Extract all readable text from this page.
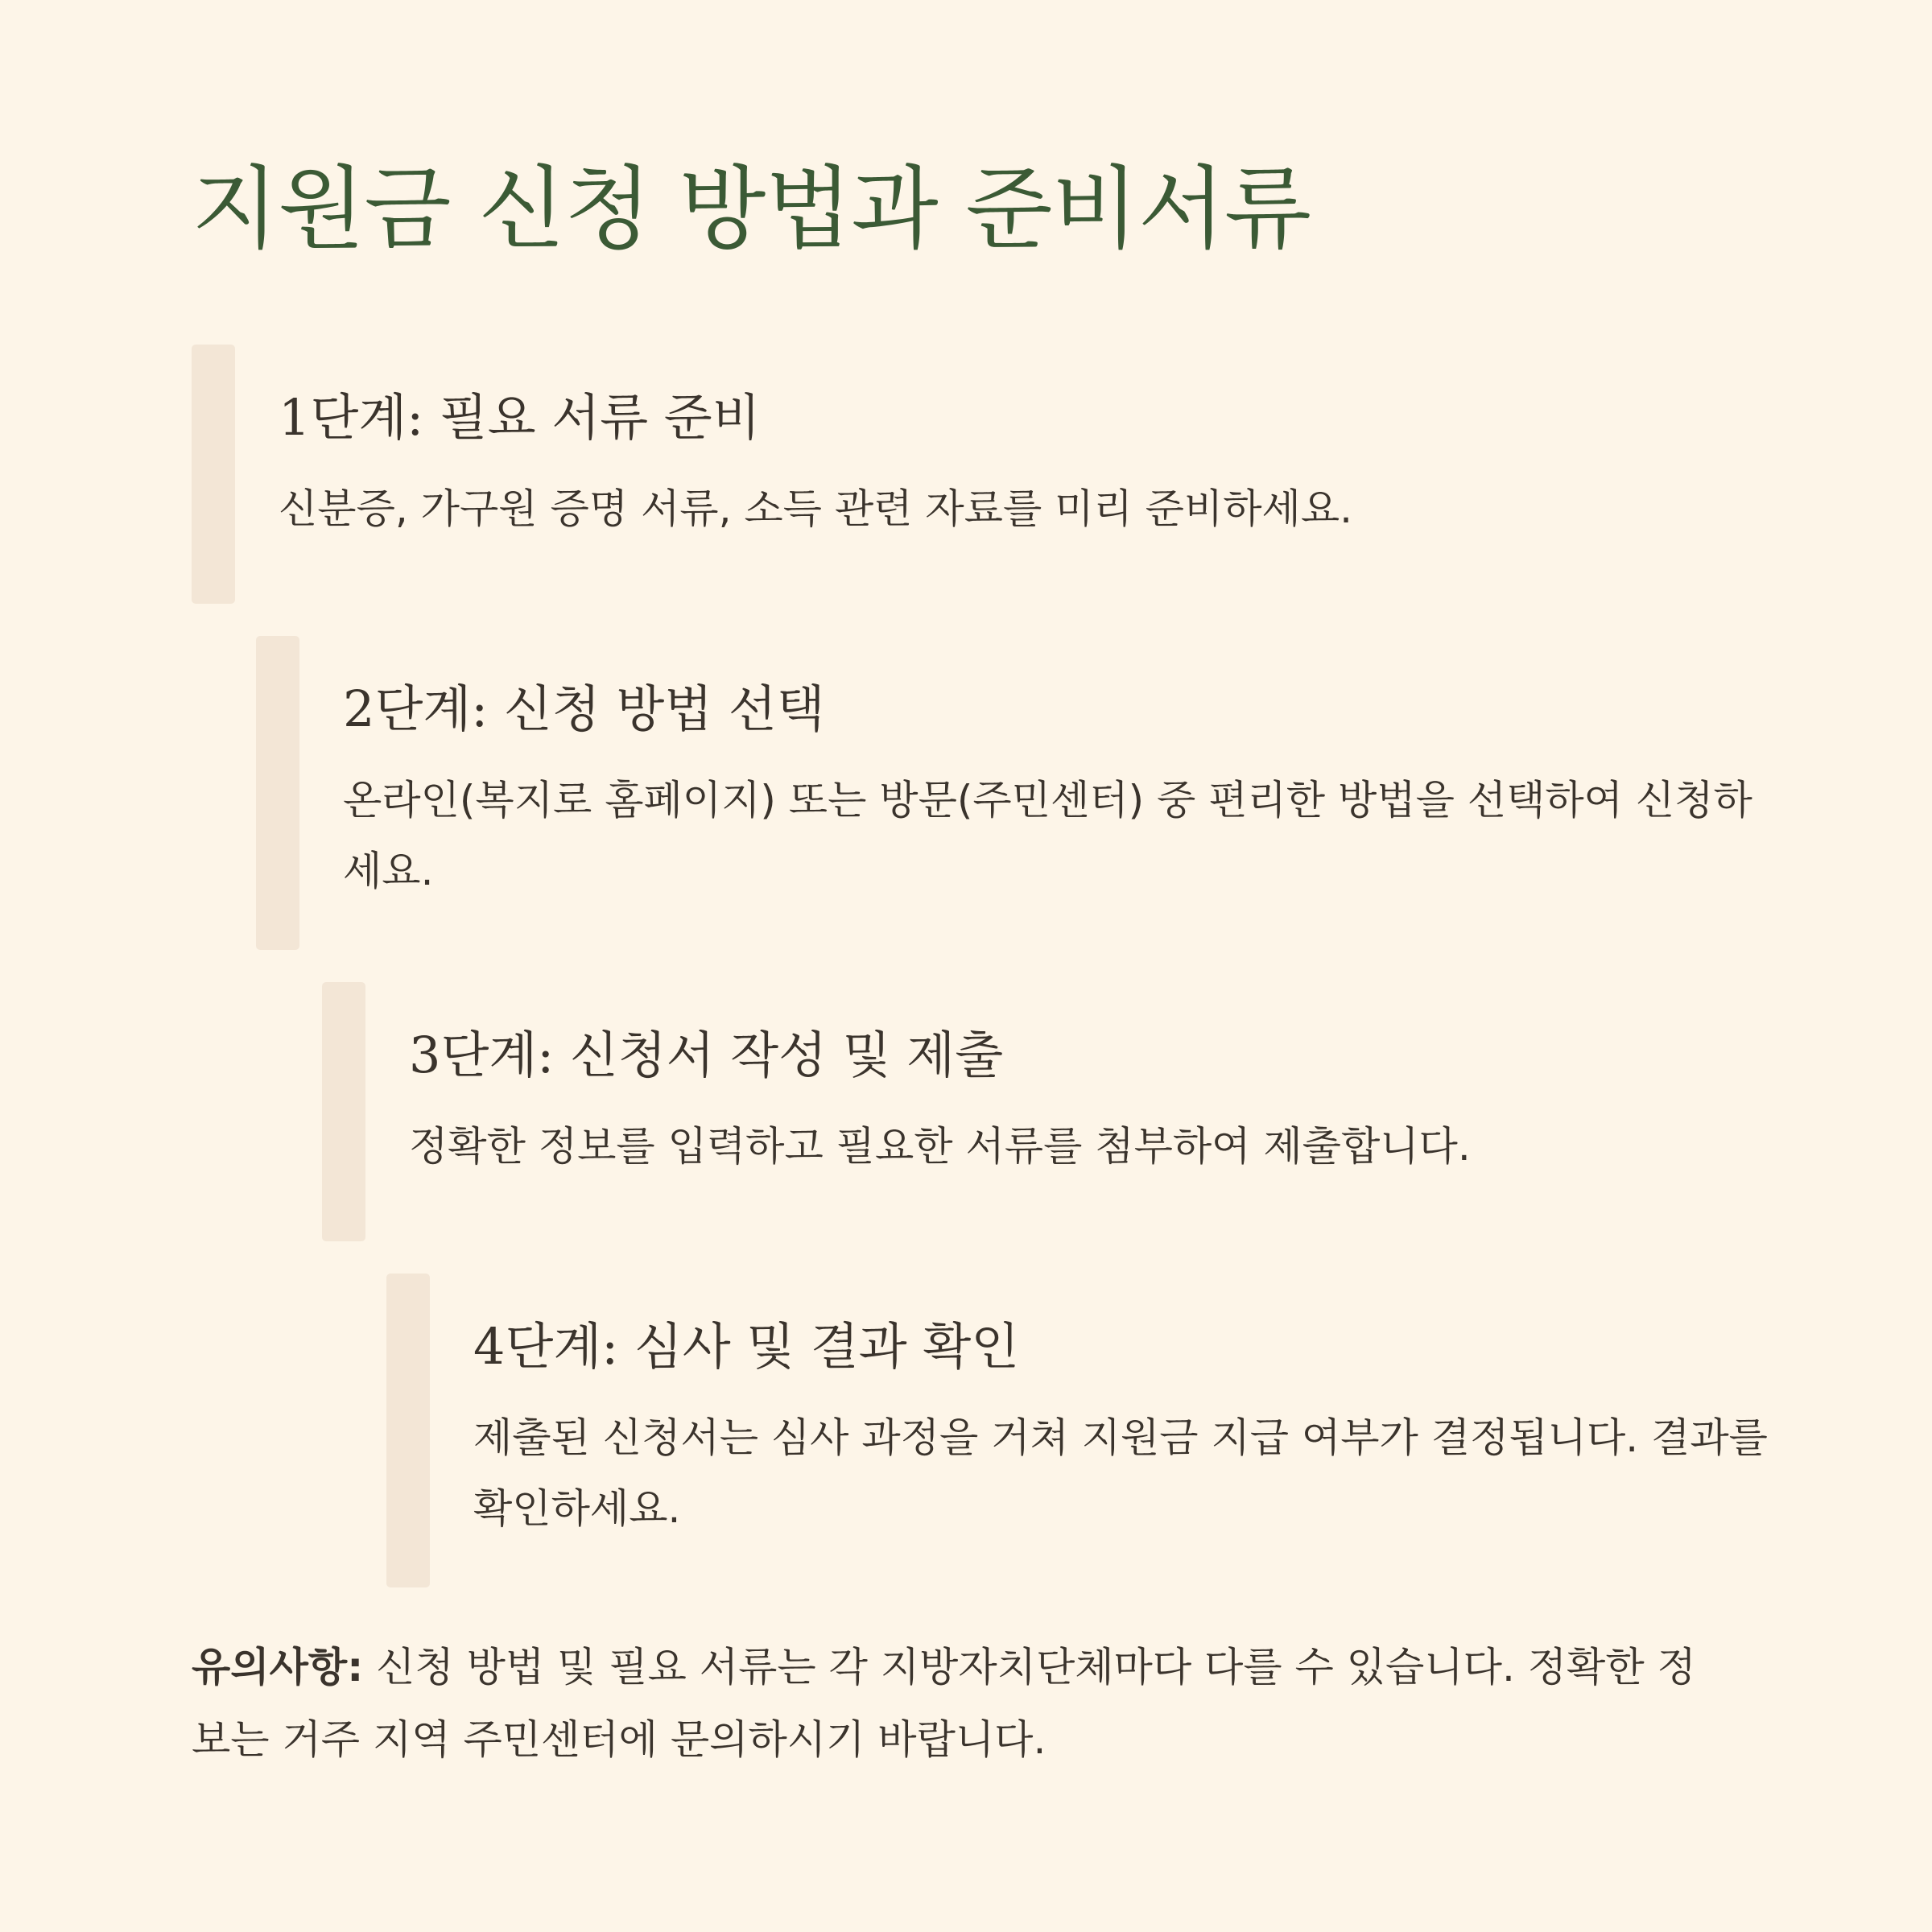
지원금 신청 방법과 준비서류
1단계: 필요 서류 준비

신분증, 가구원 증명 서류, 소득 관련 자료를 미리 준비하세요.

2단계: 신청 방법 선택

온라인(복지로 홈페이지) 또는 방문(주민센터) 중 편리한 방법을 선택하여 신청하세요.

3단계: 신청서 작성 및 제출

정확한 정보를 입력하고 필요한 서류를 첨부하여 제출합니다.

4단계: 심사 및 결과 확인

제출된 신청서는 심사 과정을 거쳐 지원금 지급 여부가 결정됩니다. 결과를 확인하세요.

유의사항: 신청 방법 및 필요 서류는 각 지방자치단체마다 다를 수 있습니다. 정확한 정보는 거주 지역 주민센터에 문의하시기 바랍니다.
